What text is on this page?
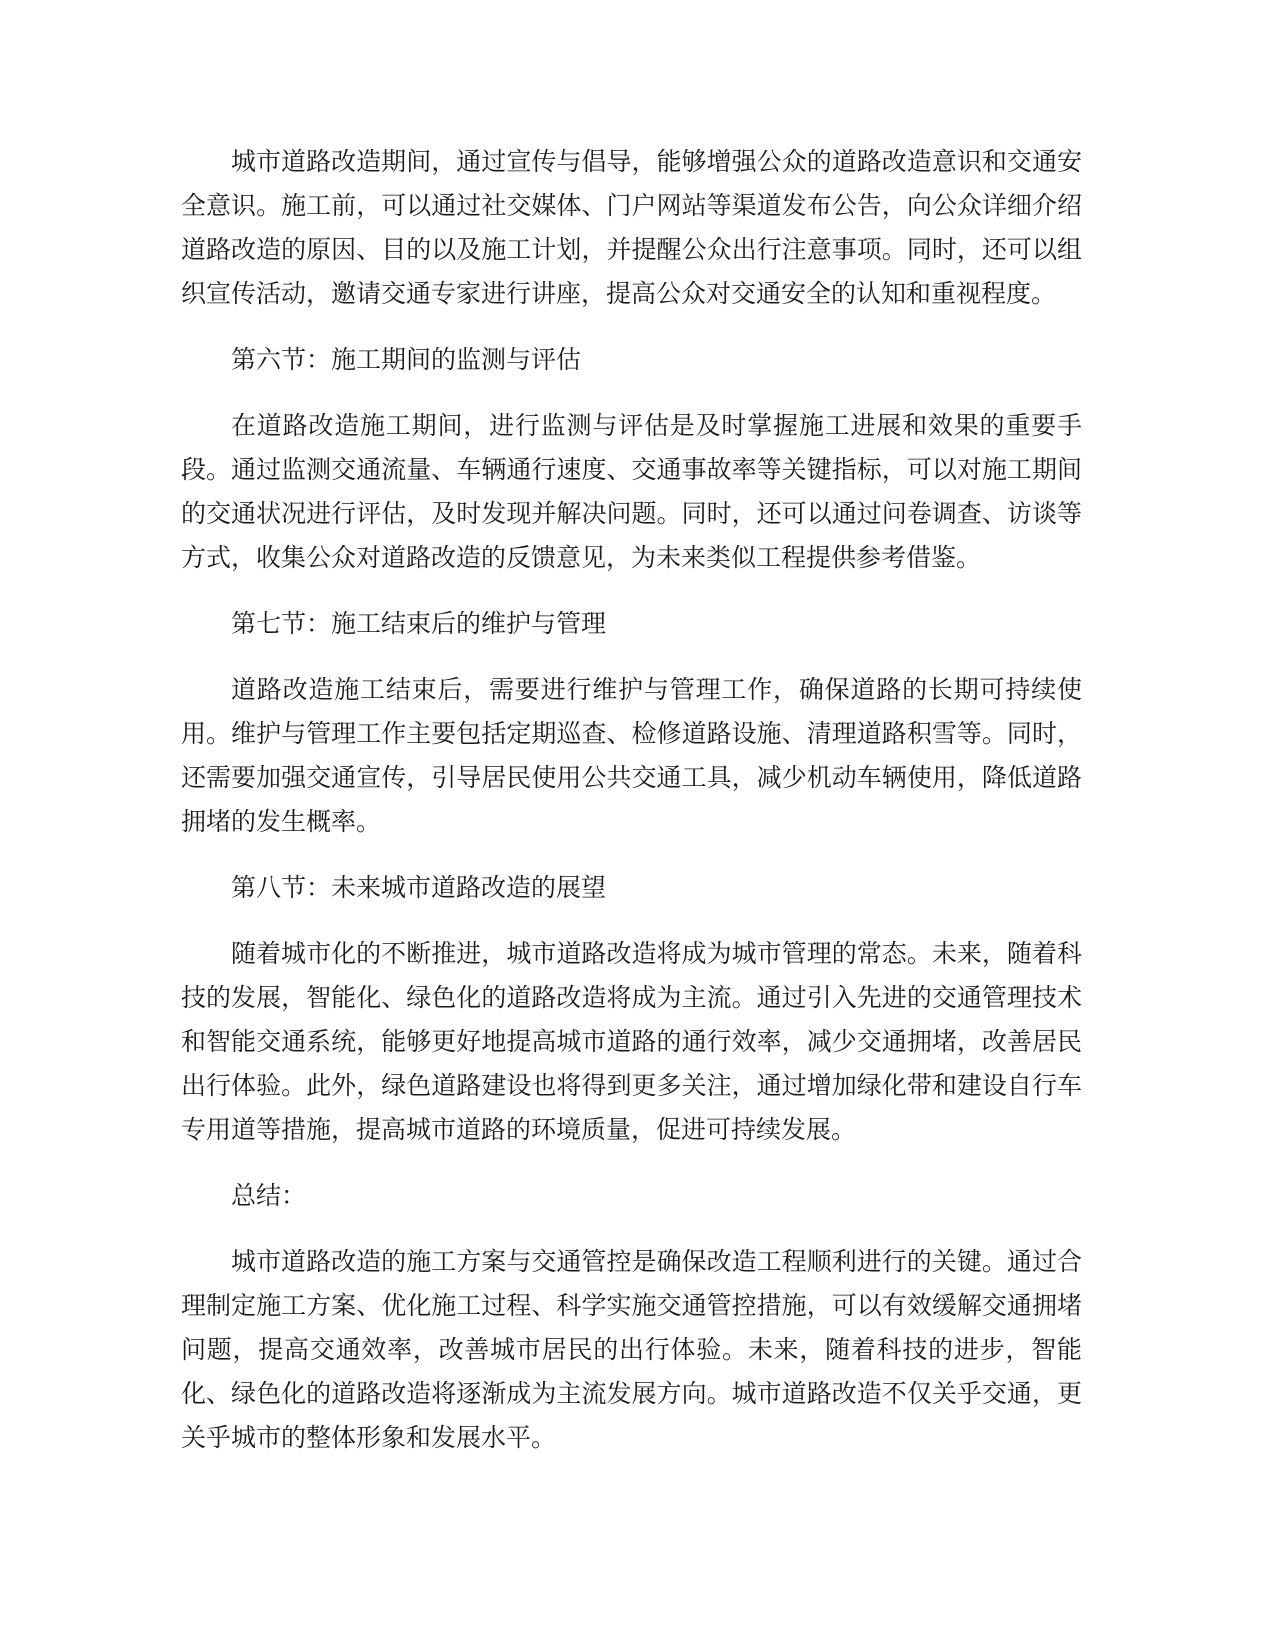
城市道路改造期间，通过宣传与倡导，能够增强公众的道路改造意识和交通安全意识。施工前，可以通过社交媒体、门户网站等渠道发布公告，向公众详细介绍道路改造的原因、目的以及施工计划，并提醒公众出行注意事项。同时，还可以组织宣传活动，邀请交通专家进行讲座，提高公众对交通安全的认知和重视程度。

第六节：施工期间的监测与评估

在道路改造施工期间，进行监测与评估是及时掌握施工进展和效果的重要手段。通过监测交通流量、车辆通行速度、交通事故率等关键指标，可以对施工期间的交通状况进行评估，及时发现并解决问题。同时，还可以通过问卷调查、访谈等方式，收集公众对道路改造的反馈意见，为未来类似工程提供参考借鉴。

第七节：施工结束后的维护与管理

道路改造施工结束后，需要进行维护与管理工作，确保道路的长期可持续使用。维护与管理工作主要包括定期巡查、检修道路设施、清理道路积雪等。同时，还需要加强交通宣传，引导居民使用公共交通工具，减少机动车辆使用，降低道路拥堵的发生概率。

第八节：未来城市道路改造的展望

随着城市化的不断推进，城市道路改造将成为城市管理的常态。未来，随着科技的发展，智能化、绿色化的道路改造将成为主流。通过引入先进的交通管理技术和智能交通系统，能够更好地提高城市道路的通行效率，减少交通拥堵，改善居民出行体验。此外，绿色道路建设也将得到更多关注，通过增加绿化带和建设自行车专用道等措施，提高城市道路的环境质量，促进可持续发展。

总结：

城市道路改造的施工方案与交通管控是确保改造工程顺利进行的关键。通过合理制定施工方案、优化施工过程、科学实施交通管控措施，可以有效缓解交通拥堵问题，提高交通效率，改善城市居民的出行体验。未来，随着科技的进步，智能化、绿色化的道路改造将逐渐成为主流发展方向。城市道路改造不仅关乎交通，更关乎城市的整体形象和发展水平。
